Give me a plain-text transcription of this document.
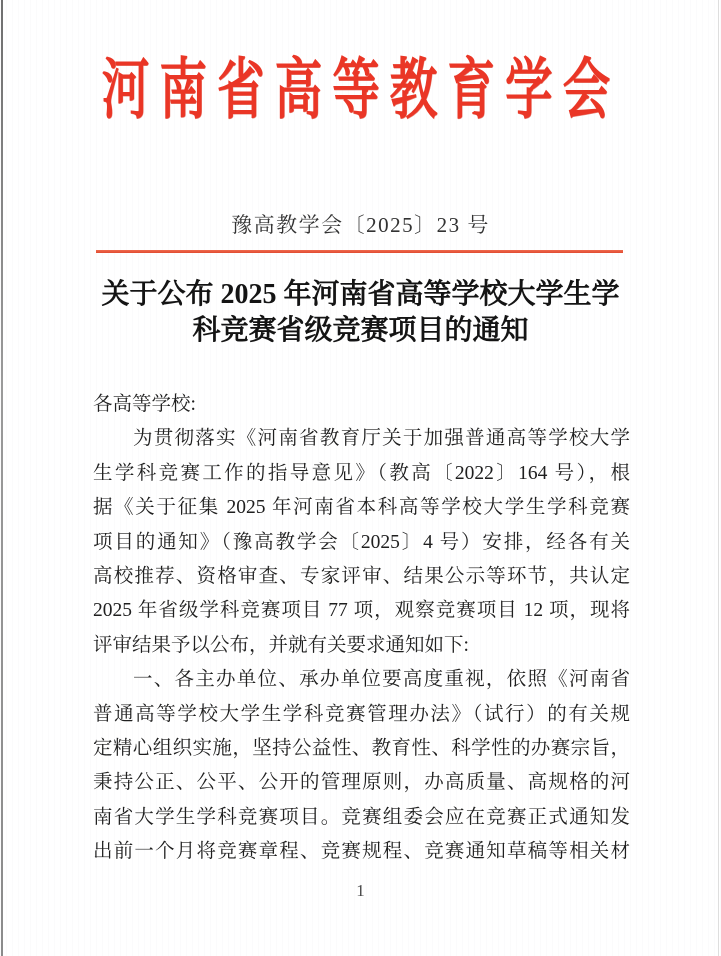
河南省高等教育学会
豫高教学会〔2025〕23 号
关于公布 2025 年河南省高等学校大学生学
科竞赛省级竞赛项目的通知
各高等学校:
为贯彻落实《河南省教育厅关于加强普通高等学校大学
生学科竞赛工作的指导意见》（教高〔2022〕164 号），根
据《关于征集 2025 年河南省本科高等学校大学生学科竞赛
项目的通知》（豫高教学会〔2025〕4 号）安排，经各有关
高校推荐、资格审查、专家评审、结果公示等环节，共认定
2025 年省级学科竞赛项目 77 项，观察竞赛项目 12 项，现将
评审结果予以公布，并就有关要求通知如下:
一、各主办单位、承办单位要高度重视，依照《河南省
普通高等学校大学生学科竞赛管理办法》（试行）的有关规
定精心组织实施，坚持公益性、教育性、科学性的办赛宗旨，
秉持公正、公平、公开的管理原则，办高质量、高规格的河
南省大学生学科竞赛项目。竞赛组委会应在竞赛正式通知发
出前一个月将竞赛章程、竞赛规程、竞赛通知草稿等相关材
1
